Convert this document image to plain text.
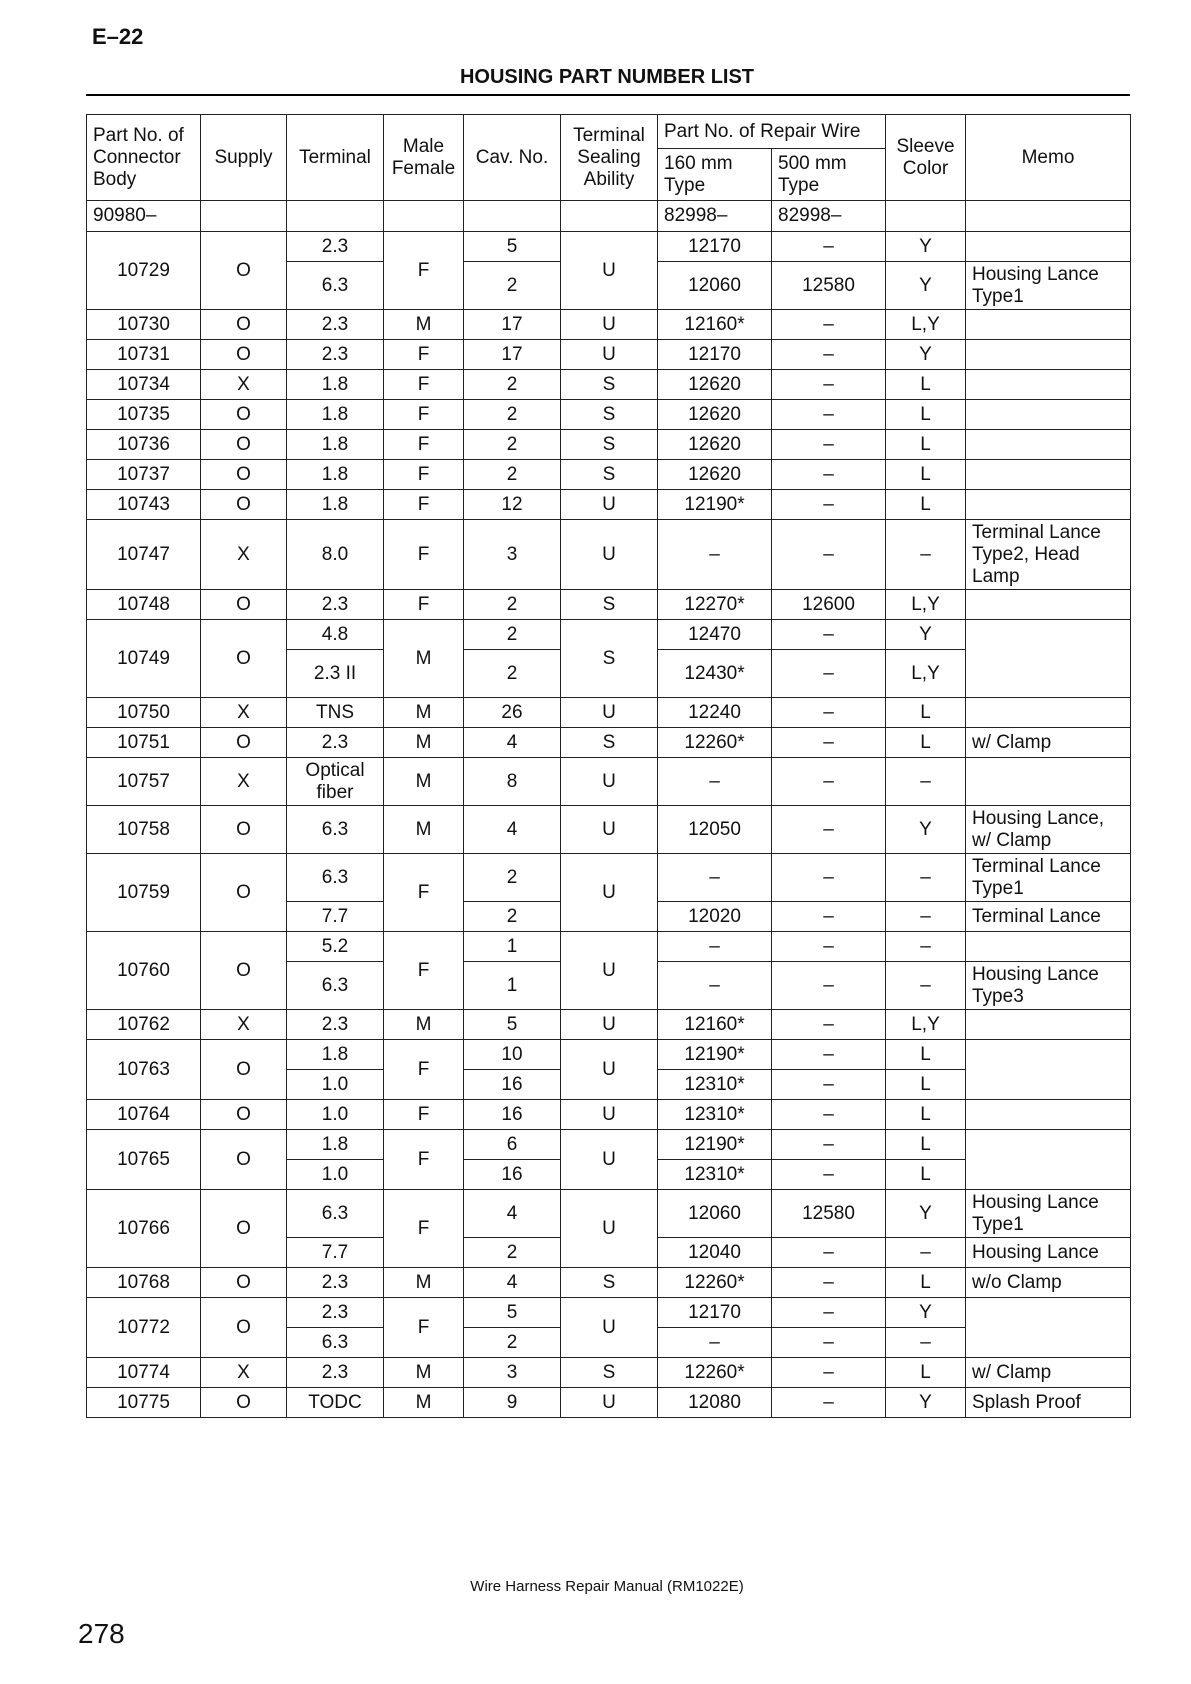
E–22
HOUSING PART NUMBER LIST
Part No. of Connector Body	Supply	Terminal	Male Female	Cav. No.	Terminal Sealing Ability	Part No. of Repair Wire		Sleeve Color	Memo
						160 mm Type	500 mm Type		
90980–						82998–	82998–		
10729	O	2.3	F	5	U	12170	–	Y	
		6.3		2		12060	12580	Y	Housing Lance Type1
10730	O	2.3	M	17	U	12160*	–	L,Y	
10731	O	2.3	F	17	U	12170	–	Y	
10734	X	1.8	F	2	S	12620	–	L	
10735	O	1.8	F	2	S	12620	–	L	
10736	O	1.8	F	2	S	12620	–	L	
10737	O	1.8	F	2	S	12620	–	L	
10743	O	1.8	F	12	U	12190*	–	L	
10747	X	8.0	F	3	U	–	–	–	Terminal Lance Type2, Head Lamp
10748	O	2.3	F	2	S	12270*	12600	L,Y	
10749	O	4.8	M	2	S	12470	–	Y	
		2.3 II		2		12430*	–	L,Y	
10750	X	TNS	M	26	U	12240	–	L	
10751	O	2.3	M	4	S	12260*	–	L	w/ Clamp
10757	X	Optical fiber	M	8	U	–	–	–	
10758	O	6.3	M	4	U	12050	–	Y	Housing Lance, w/ Clamp
10759	O	6.3	F	2	U	–	–	–	Terminal Lance Type1
		7.7		2		12020	–	–	Terminal Lance
10760	O	5.2	F	1	U	–	–	–	
		6.3		1		–	–	–	Housing Lance Type3
10762	X	2.3	M	5	U	12160*	–	L,Y	
10763	O	1.8	F	10	U	12190*	–	L	
		1.0		16		12310*	–	L	
10764	O	1.0	F	16	U	12310*	–	L	
10765	O	1.8	F	6	U	12190*	–	L	
		1.0		16		12310*	–	L	
10766	O	6.3	F	4	U	12060	12580	Y	Housing Lance Type1
		7.7		2		12040	–	–	Housing Lance
10768	O	2.3	M	4	S	12260*	–	L	w/o Clamp
10772	O	2.3	F	5	U	12170	–	Y	
		6.3		2		–	–	–	
10774	X	2.3	M	3	S	12260*	–	L	w/ Clamp
10775	O	TODC	M	9	U	12080	–	Y	Splash Proof
Wire Harness Repair Manual (RM1022E)
278
